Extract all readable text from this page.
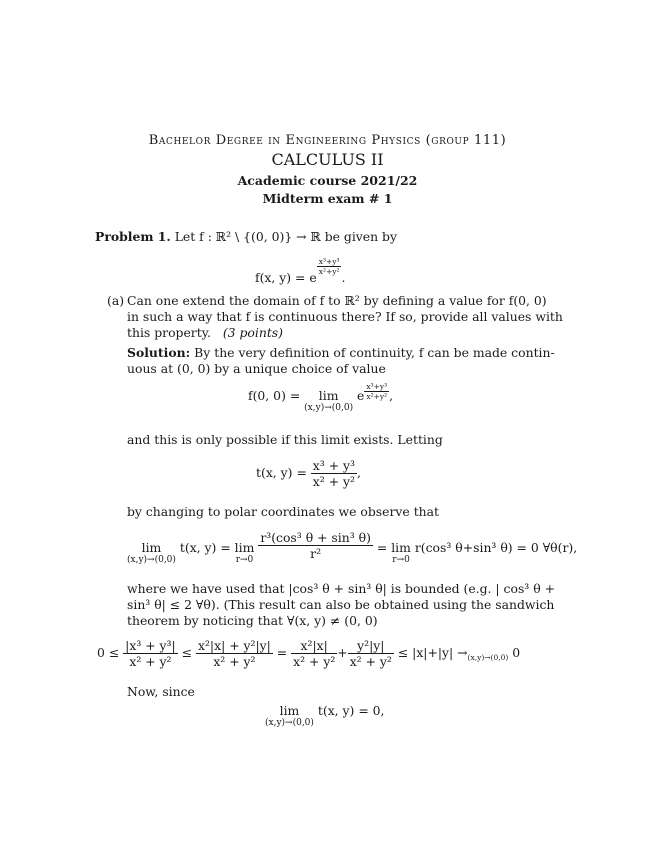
Bachelor Degree in Engineering Physics (group 111)
CALCULUS II
Academic course 2021/22
Midterm exam # 1
Problem 1. Let f : ℝ² \ {(0, 0)} → ℝ be given by
f(x, y) = e
$\frac{\text{x³+y³}}{\text{x²+y²}}$
.
(a) Can one extend the domain of f to ℝ² by defining a value for f(0, 0)
in such a way that f is continuous there? If so, provide all values with
this property. (3 points)
Solution: By the very definition of continuity, f can be made contin-
uous at (0, 0) by a unique choice of value
f(0, 0) = lim
(x,y)→(0,0)
e $\frac{\text{x³+y³}}{\text{x²+y²}}$ ,
and this is only possible if this limit exists. Letting
t(x, $y) = \frac{\text{x³ + y³}}{\text{x² + y²}}$ ,
by changing to polar coordinates we observe that
lim
(x,y)→(0,0)
t(x, y) = lim
r→0
$\frac{\text{r³(cos³ θ + sin³ θ)}}{\text{r²}} = \lim$
r→0
r(cos³ θ+sin³ θ) = 0 ∀θ(r),
where we have used that |cos³ θ + sin³ θ| is bounded (e.g. | cos³ θ +
sin³ θ| ≤ 2 ∀θ). (This result can also be obtained using the sandwich
theorem by noticing that ∀(x, y) ≠ (0, 0)
$0 \le \frac{\text{|x³ + y³|}}{\text{x² + y²}} \le \frac{\text{x²|x| + y²|y|}}{\text{x² + y²}} = \frac{\text{x²|x|}}{\text{x² + y²}} + \frac{\text{y²|y|}}{\text{x² + y²}} \le |x|+|y| \to_{(x,y)\to(0,0)}$ 0
Now, since
lim
(x,y)→(0,0)
t(x, y) = 0,
